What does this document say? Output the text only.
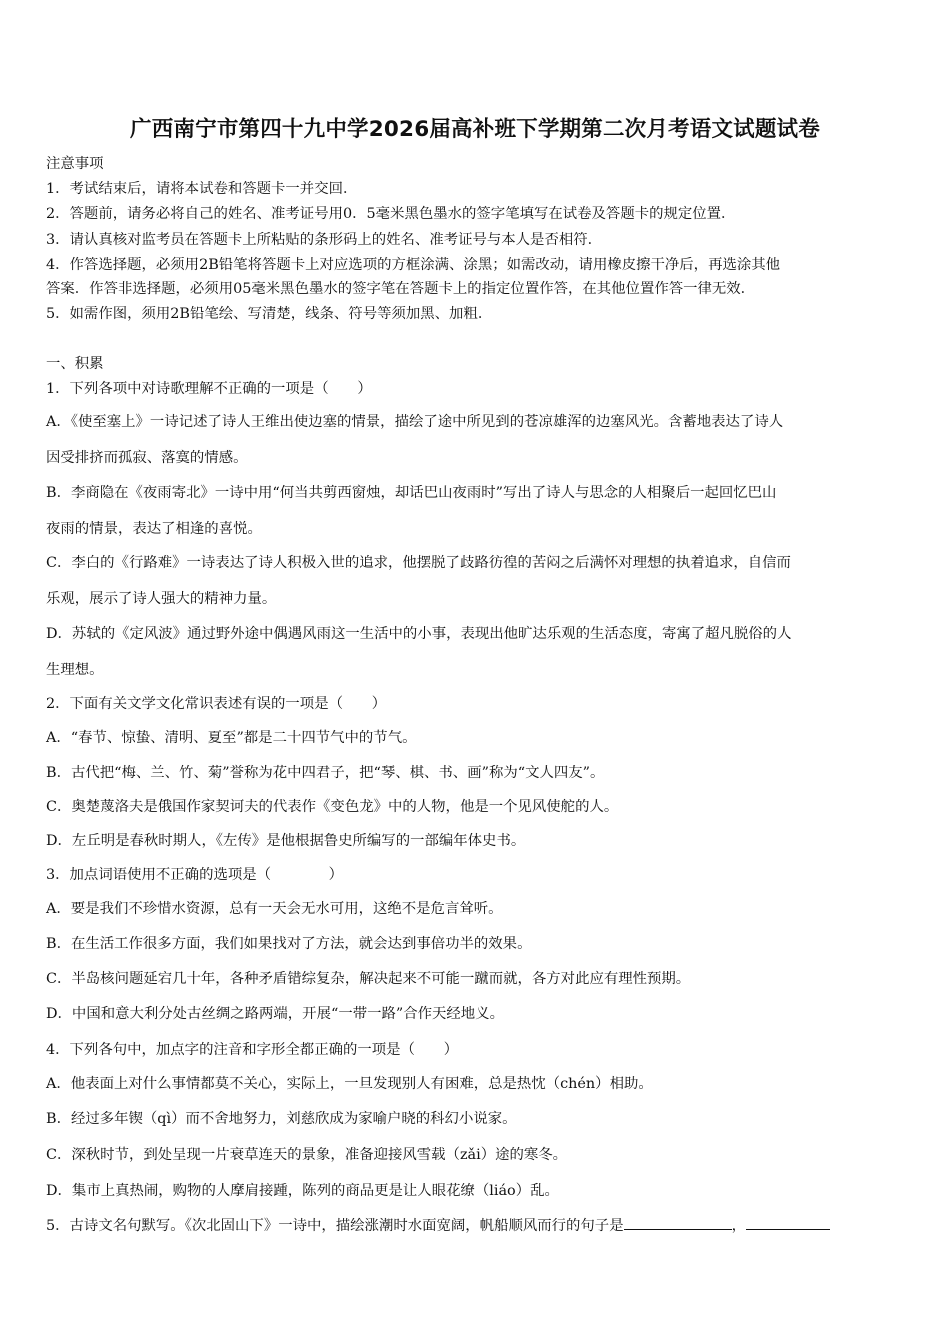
广西南宁市第四十九中学2026届高补班下学期第二次月考语文试题试卷
注意事项
1．考试结束后，请将本试卷和答题卡一并交回．
2．答题前，请务必将自己的姓名、准考证号用0．5毫米黑色墨水的签字笔填写在试卷及答题卡的规定位置．
3．请认真核对监考员在答题卡上所粘贴的条形码上的姓名、准考证号与本人是否相符．
4．作答选择题，必须用2B铅笔将答题卡上对应选项的方框涂满、涂黑；如需改动，请用橡皮擦干净后，再选涂其他
答案．作答非选择题，必须用05毫米黑色墨水的签字笔在答题卡上的指定位置作答，在其他位置作答一律无效．
5．如需作图，须用2B铅笔绘、写清楚，线条、符号等须加黑、加粗．
一、积累
1．下列各项中对诗歌理解不正确的一项是（　　）
A．《使至塞上》一诗记述了诗人王维出使边塞的情景，描绘了途中所见到的苍凉雄浑的边塞风光。含蓄地表达了诗人
因受排挤而孤寂、落寞的情感。
B．李商隐在《夜雨寄北》一诗中用“何当共剪西窗烛，却话巴山夜雨时”写出了诗人与思念的人相聚后一起回忆巴山
夜雨的情景，表达了相逢的喜悦。
C．李白的《行路难》一诗表达了诗人积极入世的追求，他摆脱了歧路彷徨的苦闷之后满怀对理想的执着追求，自信而
乐观，展示了诗人强大的精神力量。
D．苏轼的《定风波》通过野外途中偶遇风雨这一生活中的小事，表现出他旷达乐观的生活态度，寄寓了超凡脱俗的人
生理想。
2．下面有关文学文化常识表述有误的一项是（　　）
A．“春节、惊蛰、清明、夏至”都是二十四节气中的节气。
B．古代把“梅、兰、竹、菊”誉称为花中四君子，把“琴、棋、书、画”称为“文人四友”。
C．奥楚蔑洛夫是俄国作家契诃夫的代表作《变色龙》中的人物，他是一个见风使舵的人。
D．左丘明是春秋时期人，《左传》是他根据鲁史所编写的一部编年体史书。
3．加点词语使用不正确的选项是（　　　　）
A．要是我们不珍惜水资源，总有一天会无水可用，这绝不是危言耸听。
B．在生活工作很多方面，我们如果找对了方法，就会达到事倍功半的效果。
C．半岛核问题延宕几十年，各种矛盾错综复杂，解决起来不可能一蹴而就，各方对此应有理性预期。
D．中国和意大利分处古丝绸之路两端，开展“一带一路”合作天经地义。
4．下列各句中，加点字的注音和字形全都正确的一项是（　　）
A．他表面上对什么事情都莫不关心，实际上，一旦发现别人有困难，总是热忱（chén）相助。
B．经过多年锲（qì）而不舍地努力，刘慈欣成为家喻户晓的科幻小说家。
C．深秋时节，到处呈现一片衰草连天的景象，准备迎接风雪载（zǎi）途的寒冬。
D．集市上真热闹，购物的人摩肩接踵，陈列的商品更是让人眼花缭（liáo）乱。
5．古诗文名句默写。《次北固山下》一诗中，描绘涨潮时水面宽阔，帆船顺风而行的句子是	，
